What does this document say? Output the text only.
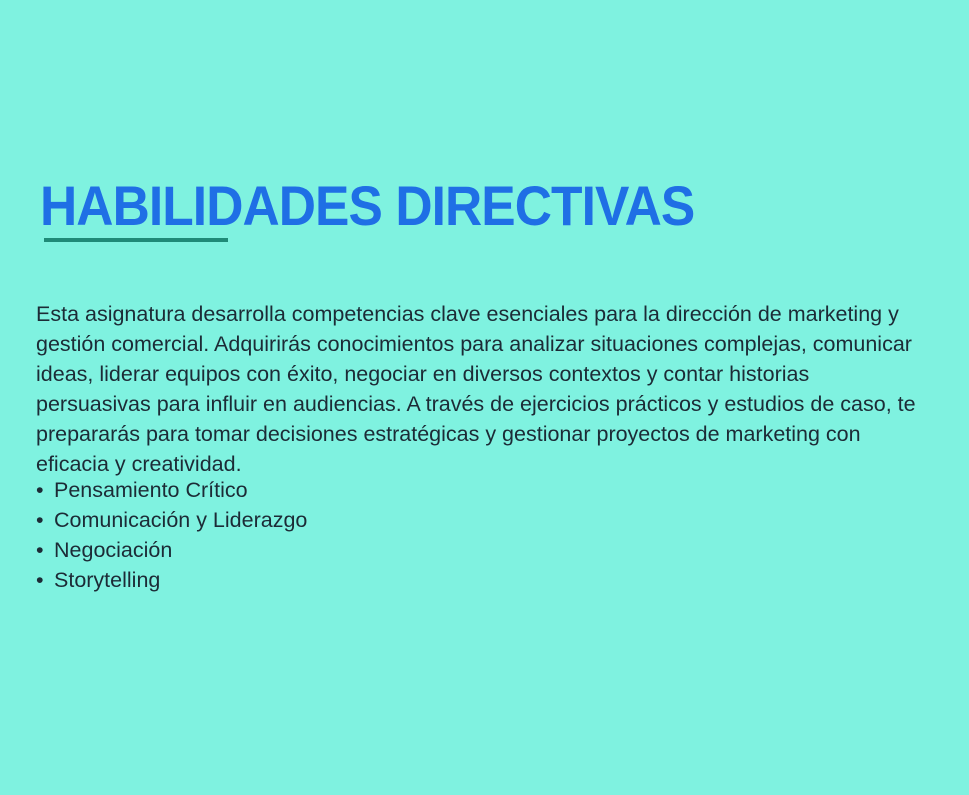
HABILIDADES DIRECTIVAS

Esta asignatura desarrolla competencias clave esenciales para la dirección de marketing y gestión comercial. Adquirirás conocimientos para analizar situaciones complejas, comunicar ideas, liderar equipos con éxito, negociar en diversos contextos y contar historias persuasivas para influir en audiencias. A través de ejercicios prácticos y estudios de caso, te prepararás para tomar decisiones estratégicas y gestionar proyectos de marketing con eficacia y creatividad.

• Pensamiento Crítico
• Comunicación y Liderazgo
• Negociación
• Storytelling
